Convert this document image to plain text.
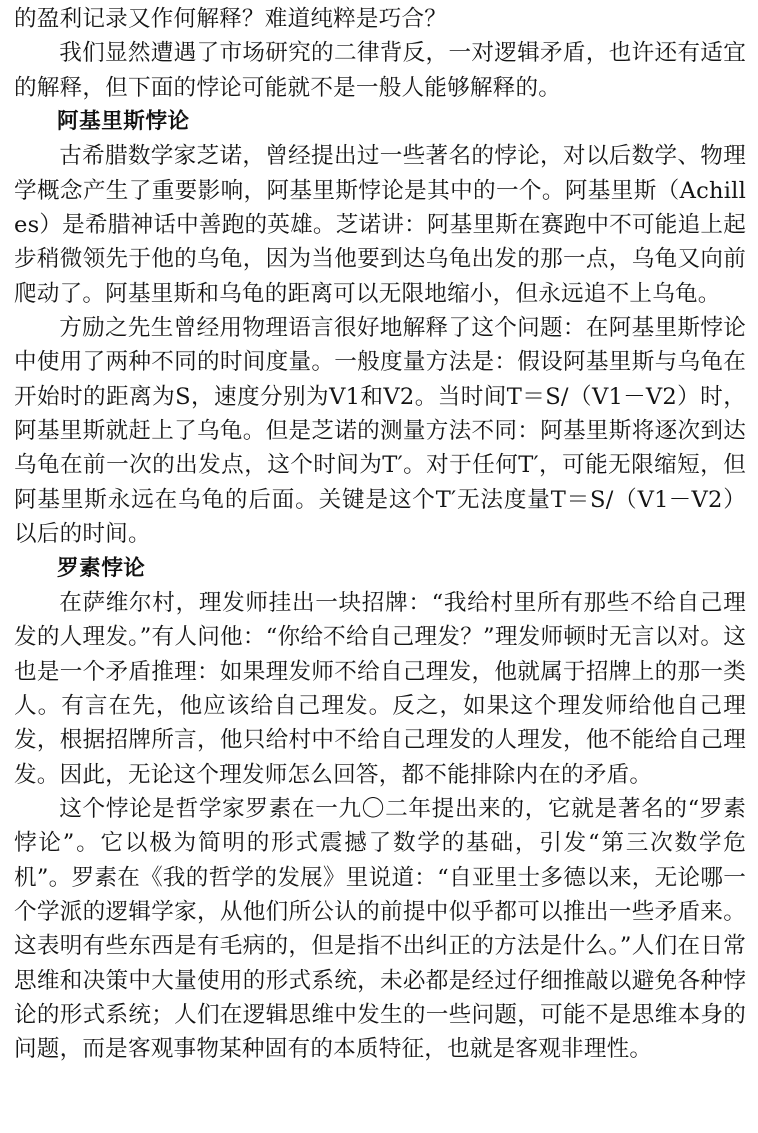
的盈利记录又作何解释？难道纯粹是巧合？

我们显然遭遇了市场研究的二律背反，一对逻辑矛盾，也许还有适宜的解释，但下面的悖论可能就不是一般人能够解释的。

阿基里斯悖论

古希腊数学家芝诺，曾经提出过一些著名的悖论，对以后数学、物理学概念产生了重要影响，阿基里斯悖论是其中的一个。阿基里斯（Achilles）是希腊神话中善跑的英雄。芝诺讲：阿基里斯在赛跑中不可能追上起步稍微领先于他的乌龟，因为当他要到达乌龟出发的那一点，乌龟又向前爬动了。阿基里斯和乌龟的距离可以无限地缩小，但永远追不上乌龟。

方励之先生曾经用物理语言很好地解释了这个问题：在阿基里斯悖论中使用了两种不同的时间度量。一般度量方法是：假设阿基里斯与乌龟在开始时的距离为S，速度分别为V1和V2。当时间T＝S/（V1－V2）时，阿基里斯就赶上了乌龟。但是芝诺的测量方法不同：阿基里斯将逐次到达乌龟在前一次的出发点，这个时间为T′。对于任何T′，可能无限缩短，但阿基里斯永远在乌龟的后面。关键是这个T′无法度量T＝S/（V1－V2）以后的时间。

罗素悖论

在萨维尔村，理发师挂出一块招牌：“我给村里所有那些不给自己理发的人理发。”有人问他：“你给不给自己理发？”理发师顿时无言以对。这也是一个矛盾推理：如果理发师不给自己理发，他就属于招牌上的那一类人。有言在先，他应该给自己理发。反之，如果这个理发师给他自己理发，根据招牌所言，他只给村中不给自己理发的人理发，他不能给自己理发。因此，无论这个理发师怎么回答，都不能排除内在的矛盾。

这个悖论是哲学家罗素在一九〇二年提出来的，它就是著名的“罗素悖论”。它以极为简明的形式震撼了数学的基础，引发“第三次数学危机”。罗素在《我的哲学的发展》里说道：“自亚里士多德以来，无论哪一个学派的逻辑学家，从他们所公认的前提中似乎都可以推出一些矛盾来。这表明有些东西是有毛病的，但是指不出纠正的方法是什么。”人们在日常思维和决策中大量使用的形式系统，未必都是经过仔细推敲以避免各种悖论的形式系统；人们在逻辑思维中发生的一些问题，可能不是思维本身的问题，而是客观事物某种固有的本质特征，也就是客观非理性。
